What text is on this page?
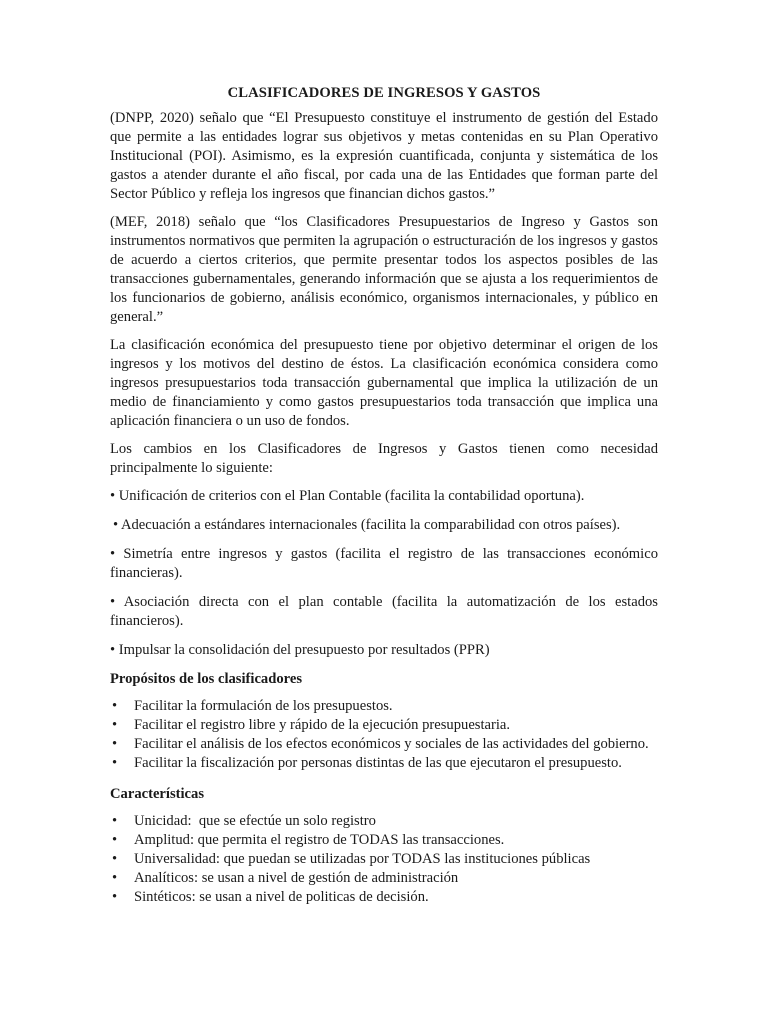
CLASIFICADORES DE INGRESOS Y GASTOS

(DNPP, 2020) señalo que “El Presupuesto constituye el instrumento de gestión del Estado que permite a las entidades lograr sus objetivos y metas contenidas en su Plan Operativo Institucional (POI). Asimismo, es la expresión cuantificada, conjunta y sistemática de los gastos a atender durante el año fiscal, por cada una de las Entidades que forman parte del Sector Público y refleja los ingresos que financian dichos gastos.”

(MEF, 2018) señalo que “los Clasificadores Presupuestarios de Ingreso y Gastos son instrumentos normativos que permiten la agrupación o estructuración de los ingresos y gastos de acuerdo a ciertos criterios, que permite presentar todos los aspectos posibles de las transacciones gubernamentales, generando información que se ajusta a los requerimientos de los funcionarios de gobierno, análisis económico, organismos internacionales, y público en general.”

La clasificación económica del presupuesto tiene por objetivo determinar el origen de los ingresos y los motivos del destino de éstos. La clasificación económica considera como ingresos presupuestarios toda transacción gubernamental que implica la utilización de un medio de financiamiento y como gastos presupuestarios toda transacción que implica una aplicación financiera o un uso de fondos.

Los cambios en los Clasificadores de Ingresos y Gastos tienen como necesidad principalmente lo siguiente:

• Unificación de criterios con el Plan Contable (facilita la contabilidad oportuna).

• Adecuación a estándares internacionales (facilita la comparabilidad con otros países).

• Simetría entre ingresos y gastos (facilita el registro de las transacciones económico financieras).

• Asociación directa con el plan contable (facilita la automatización de los estados financieros).

• Impulsar la consolidación del presupuesto por resultados (PPR)

Propósitos de los clasificadores
• Facilitar la formulación de los presupuestos.
• Facilitar el registro libre y rápido de la ejecución presupuestaria.
• Facilitar el análisis de los efectos económicos y sociales de las actividades del gobierno.
• Facilitar la fiscalización por personas distintas de las que ejecutaron el presupuesto.
Características
• Unicidad:  que se efectúe un solo registro
• Amplitud: que permita el registro de TODAS las transacciones.
• Universalidad: que puedan se utilizadas por TODAS las instituciones públicas
• Analíticos: se usan a nivel de gestión de administración
• Sintéticos: se usan a nivel de politicas de decisión.
